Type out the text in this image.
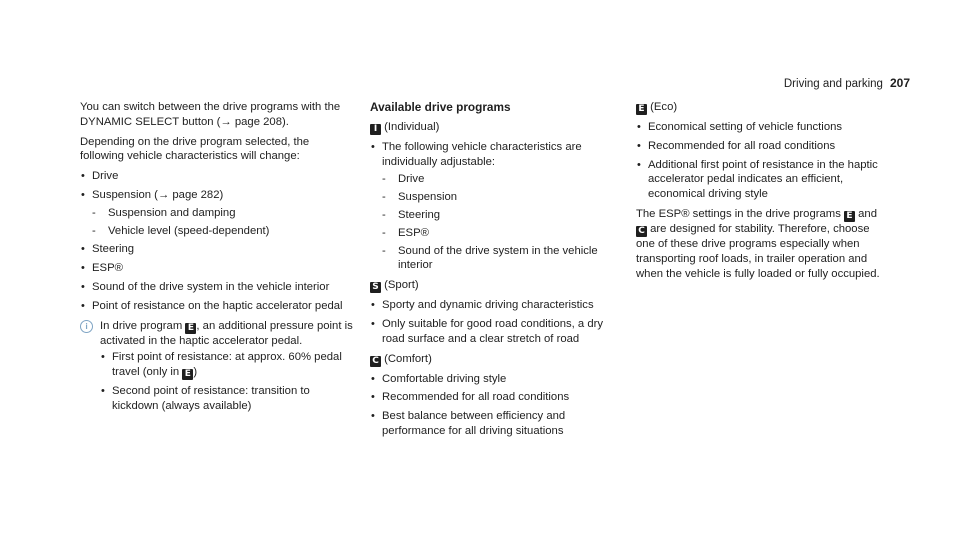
Driving and parking 207

You can switch between the drive programs with the DYNAMIC SELECT button (→ page 208).

Depending on the drive program selected, the following vehicle characteristics will change:

• Drive
• Suspension (→ page 282)
- Suspension and damping
- Vehicle level (speed-dependent)
• Steering
• ESP®
• Sound of the drive system in the vehicle interior
• Point of resistance on the haptic accelerator pedal
i	In drive program E , an additional pressure point is activated in the haptic accelerator pedal.
• First point of resistance: at approx. 60% pedal travel (only in E )
• Second point of resistance: transition to kickdown (always available)
Available drive programs

I (Individual)

• The following vehicle characteristics are individually adjustable:
- Drive
- Suspension
- Steering
- ESP®
- Sound of the drive system in the vehicle interior

S (Sport)

• Sporty and dynamic driving characteristics
• Only suitable for good road conditions, a dry road surface and a clear stretch of road

C (Comfort)

• Comfortable driving style
• Recommended for all road conditions
• Best balance between efficiency and performance for all driving situations

E (Eco)

• Economical setting of vehicle functions
• Recommended for all road conditions
• Additional first point of resistance in the haptic accelerator pedal indicates an efficient, economical driving style

The ESP® settings in the drive programs E and C are designed for stability. Therefore, choose one of these drive programs especially when transporting roof loads, in trailer operation and when the vehicle is fully loaded or fully occupied.
